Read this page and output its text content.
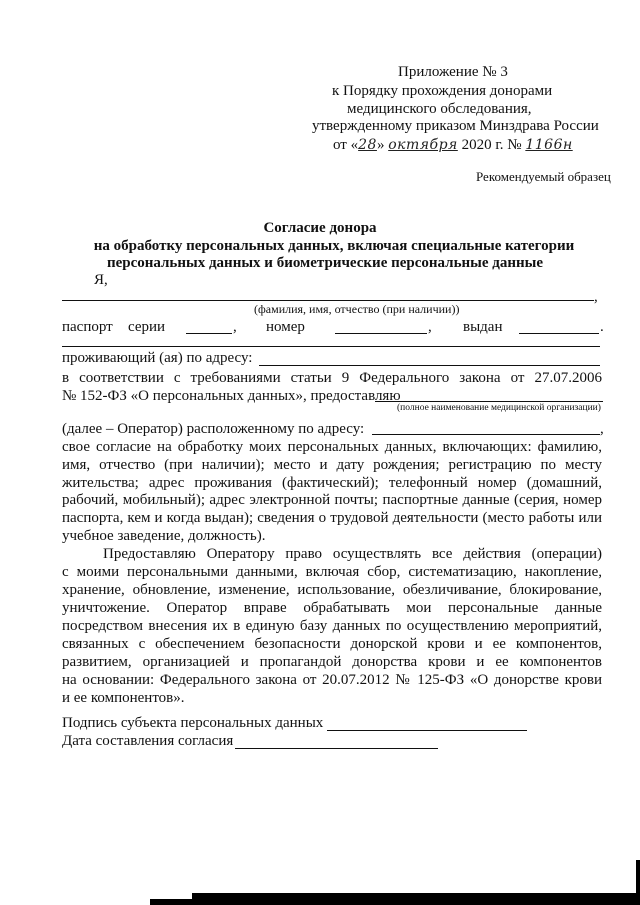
Приложение № 3
к Порядку прохождения донорами
медицинского обследования,
утвержденному приказом Минздрава России
от «28» октября 2020 г. № 1166н
Рекомендуемый образец
Согласие донора
на обработку персональных данных, включая специальные категории
персональных данных и биометрические персональные данные
Я,
,
(фамилия, имя, отчество (при наличии))
паспорт серии	, номер	, выдан	.
проживающий (ая) по адресу:
в соответствии с требованиями статьи 9 Федерального закона от 27.07.2006
№ 152-ФЗ «О персональных данных», предоставляю
(полное наименование медицинской организации)
(далее – Оператор) расположенному по адресу:	,
свое согласие на обработку моих персональных данных, включающих: фамилию,
имя, отчество (при наличии); место и дату рождения; регистрацию по месту
жительства; адрес проживания (фактический); телефонный номер (домашний,
рабочий, мобильный); адрес электронной почты; паспортные данные (серия, номер
паспорта, кем и когда выдан); сведения о трудовой деятельности (место работы или
учебное заведение, должность).
Предоставляю Оператору право осуществлять все действия (операции)
с моими персональными данными, включая сбор, систематизацию, накопление,
хранение, обновление, изменение, использование, обезличивание, блокирование,
уничтожение. Оператор вправе обрабатывать мои персональные данные
посредством внесения их в единую базу данных по осуществлению мероприятий,
связанных с обеспечением безопасности донорской крови и ее компонентов,
развитием, организацией и пропагандой донорства крови и ее компонентов
на основании: Федерального закона от 20.07.2012 № 125-ФЗ «О донорстве крови
и ее компонентов».
Подпись субъекта персональных данных
Дата составления согласия
